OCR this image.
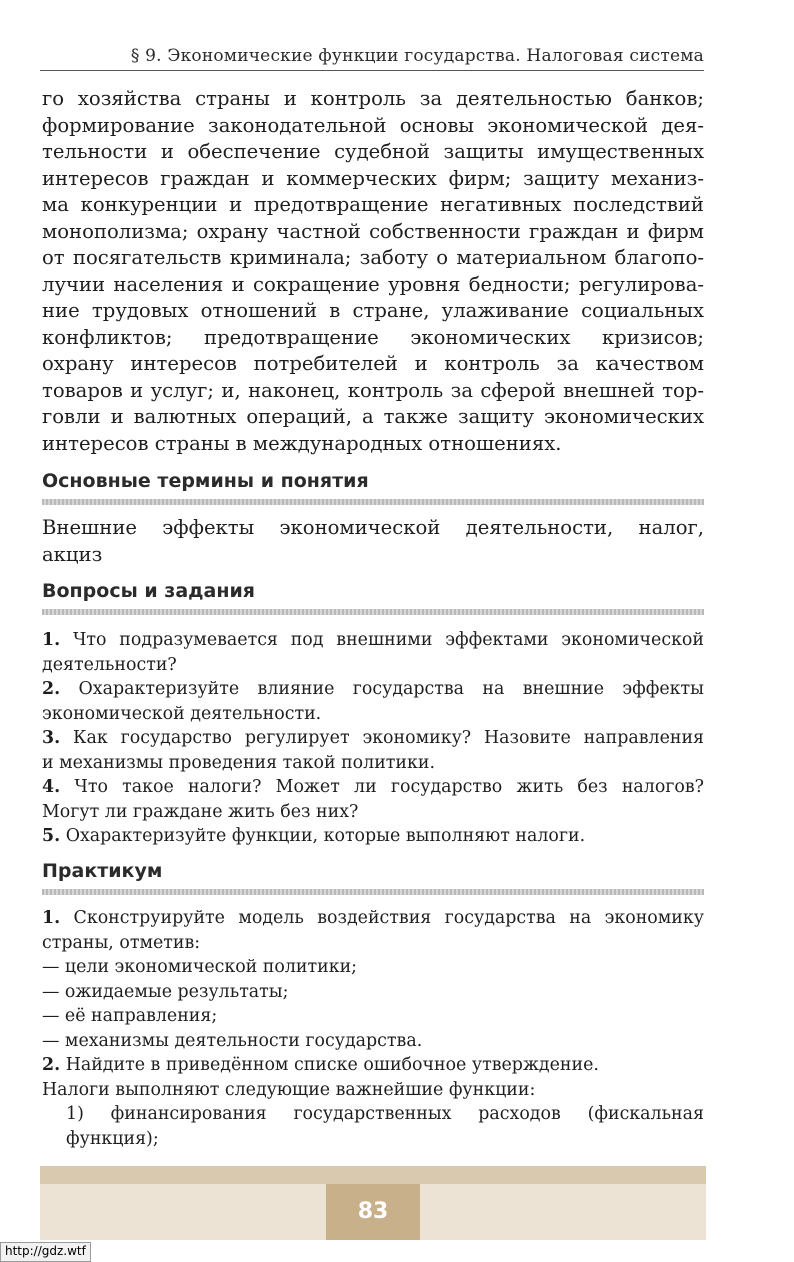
§ 9. Экономические функции государства. Налоговая система
го хозяйства страны и контроль за деятельностью банков;
формирование законодательной основы экономической дея-
тельности и обеспечение судебной защиты имущественных
интересов граждан и коммерческих фирм; защиту механиз-
ма конкуренции и предотвращение негативных последствий
монополизма; охрану частной собственности граждан и фирм
от посягательств криминала; заботу о материальном благопо-
лучии населения и сокращение уровня бедности; регулирова-
ние трудовых отношений в стране, улаживание социальных
конфликтов; предотвращение экономических кризисов;
охрану интересов потребителей и контроль за качеством
товаров и услуг; и, наконец, контроль за сферой внешней тор-
говли и валютных операций, а также защиту экономических
интересов страны в международных отношениях.
Основные термины и понятия
Внешние эффекты экономической деятельности, налог,
акциз
Вопросы и задания
1. Что подразумевается под внешними эффектами экономической
деятельности?
2. Охарактеризуйте влияние государства на внешние эффекты
экономической деятельности.
3. Как государство регулирует экономику? Назовите направления
и механизмы проведения такой политики.
4. Что такое налоги? Может ли государство жить без налогов?
Могут ли граждане жить без них?
5. Охарактеризуйте функции, которые выполняют налоги.
Практикум
1. Сконструируйте модель воздействия государства на экономику
страны, отметив:
— цели экономической политики;
— ожидаемые результаты;
— её направления;
— механизмы деятельности государства.
2. Найдите в приведённом списке ошибочное утверждение.
Налоги выполняют следующие важнейшие функции:
1) финансирования государственных расходов (фискальная
функция);
83
http://gdz.wtf
